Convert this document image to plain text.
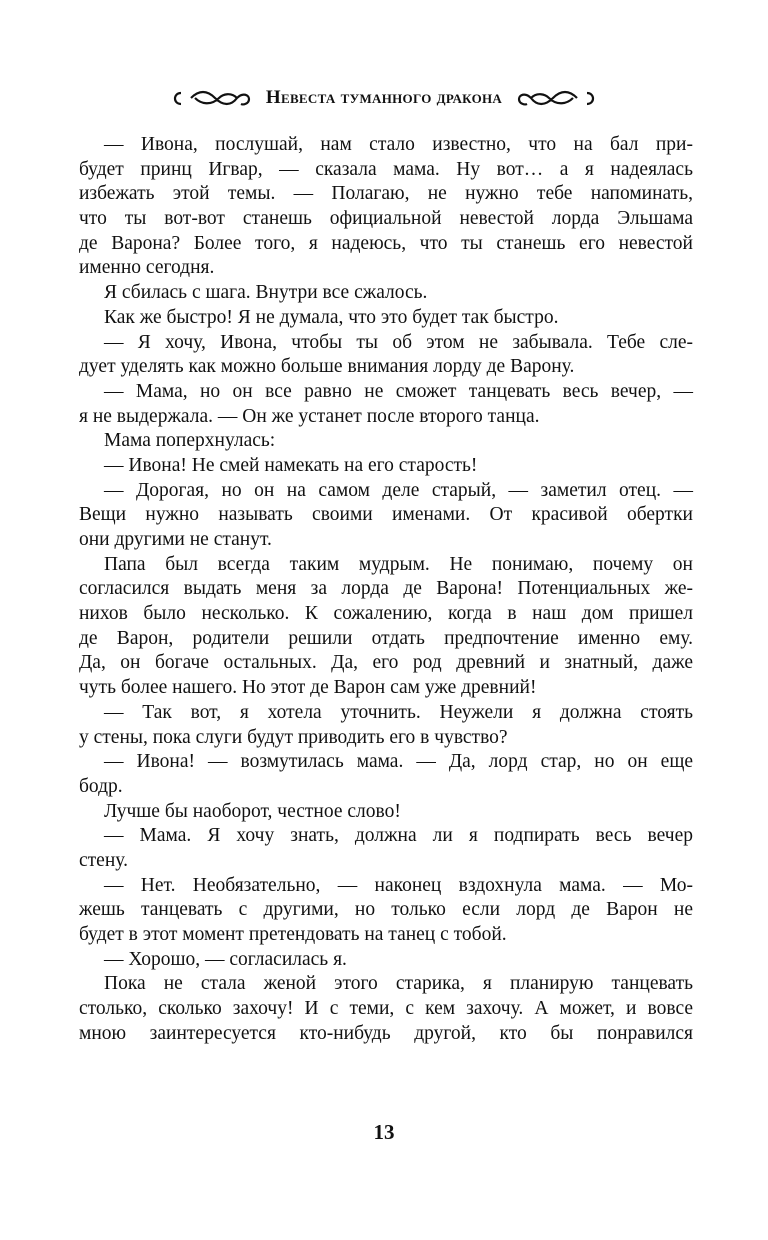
Невеста туманного дракона
— Ивона, послушай, нам стало известно, что на бал при-
будет принц Игвар, — сказала мама. Ну вот… а я надеялась
избежать этой темы. — Полагаю, не нужно тебе напоминать,
что ты вот-вот станешь официальной невестой лорда Эльшама
де Варона? Более того, я надеюсь, что ты станешь его невестой
именно сегодня.
Я сбилась с шага. Внутри все сжалось.
Как же быстро! Я не думала, что это будет так быстро.
— Я хочу, Ивона, чтобы ты об этом не забывала. Тебе сле-
дует уделять как можно больше внимания лорду де Варону.
— Мама, но он все равно не сможет танцевать весь вечер, —
я не выдержала. — Он же устанет после второго танца.
Мама поперхнулась:
— Ивона! Не смей намекать на его старость!
— Дорогая, но он на самом деле старый, — заметил отец. —
Вещи нужно называть своими именами. От красивой обертки
они другими не станут.
Папа был всегда таким мудрым. Не понимаю, почему он
согласился выдать меня за лорда де Варона! Потенциальных же-
нихов было несколько. К сожалению, когда в наш дом пришел
де Варон, родители решили отдать предпочтение именно ему.
Да, он богаче остальных. Да, его род древний и знатный, даже
чуть более нашего. Но этот де Варон сам уже древний!
— Так вот, я хотела уточнить. Неужели я должна стоять
у стены, пока слуги будут приводить его в чувство?
— Ивона! — возмутилась мама. — Да, лорд стар, но он еще
бодр.
Лучше бы наоборот, честное слово!
— Мама. Я хочу знать, должна ли я подпирать весь вечер
стену.
— Нет. Необязательно, — наконец вздохнула мама. — Мо-
жешь танцевать с другими, но только если лорд де Варон не
будет в этот момент претендовать на танец с тобой.
— Хорошо, — согласилась я.
Пока не стала женой этого старика, я планирую танцевать
столько, сколько захочу! И с теми, с кем захочу. А может, и вовсе
мною заинтересуется кто-нибудь другой, кто бы понравился
13
